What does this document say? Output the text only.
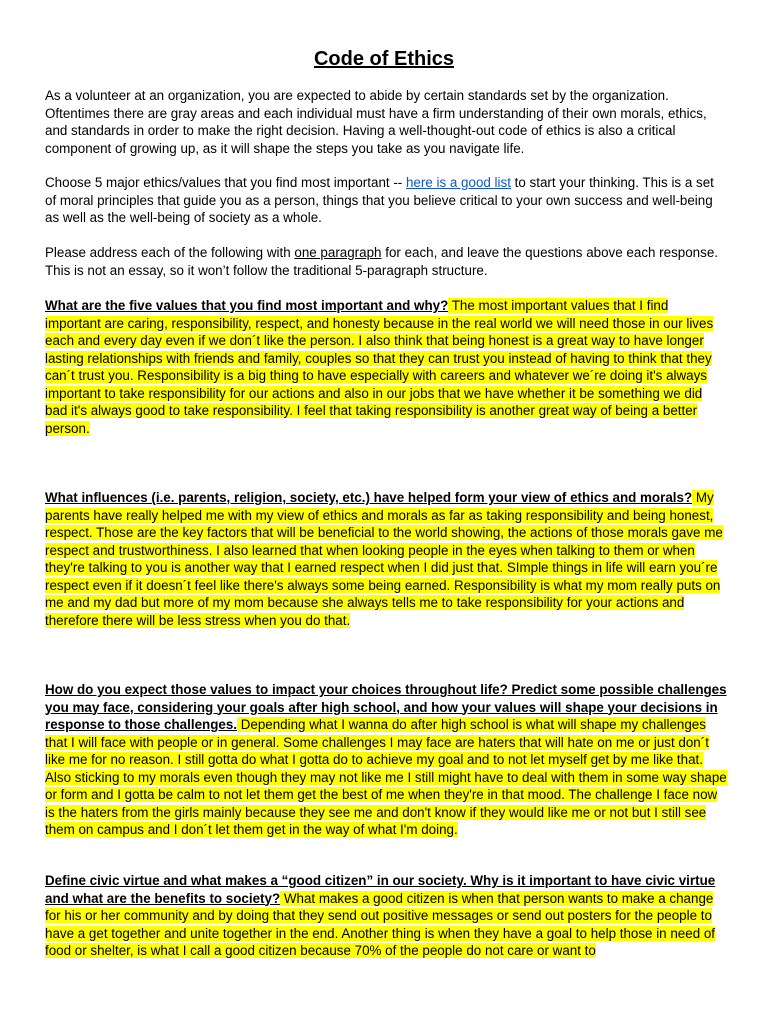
Code of Ethics
As a volunteer at an organization, you are expected to abide by certain standards set by the organization. Oftentimes there are gray areas and each individual must have a firm understanding of their own morals, ethics, and standards in order to make the right decision. Having a well-thought-out code of ethics is also a critical component of growing up, as it will shape the steps you take as you navigate life.
Choose 5 major ethics/values that you find most important -- here is a good list to start your thinking. This is a set of moral principles that guide you as a person, things that you believe critical to your own success and well-being as well as the well-being of society as a whole.
Please address each of the following with one paragraph for each, and leave the questions above each response. This is not an essay, so it won’t follow the traditional 5-paragraph structure.
What are the five values that you find most important and why? The most important values that I find important are caring, responsibility, respect, and honesty because in the real world we will need those in our lives each and every day even if we don´t like the person. I also think that being honest is a great way to have longer lasting relationships with friends and family, couples so that they can trust you instead of having to think that they can´t trust you. Responsibility is a big thing to have especially with careers and whatever we´re doing it's always important to take responsibility for our actions and also in our jobs that we have whether it be something we did bad it's always good to take responsibility. I feel that taking responsibility is another great way of being a better person.
What influences (i.e. parents, religion, society, etc.) have helped form your view of ethics and morals? My parents have really helped me with my view of ethics and morals as far as taking responsibility and being honest, respect. Those are the key factors that will be beneficial to the world showing, the actions of those morals gave me respect and trustworthiness. I also learned that when looking people in the eyes when talking to them or when they're talking to you is another way that I earned respect when I did just that. SImple things in life will earn you´re respect even if it doesn´t feel like there's always some being earned. Responsibility is what my mom really puts on me and my dad but more of my mom because she always tells me to take responsibility for your actions and therefore there will be less stress when you do that.
How do you expect those values to impact your choices throughout life? Predict some possible challenges you may face, considering your goals after high school, and how your values will shape your decisions in response to those challenges. Depending what I wanna do after high school is what will shape my challenges that I will face with people or in general. Some challenges I may face are haters that will hate on me or just don´t like me for no reason. I still gotta do what I gotta do to achieve my goal and to not let myself get by me like that. Also sticking to my morals even though they may not like me I still might have to deal with them in some way shape or form and I gotta be calm to not let them get the best of me when they're in that mood. The challenge I face now is the haters from the girls mainly because they see me and don't know if they would like me or not but I still see them on campus and I don´t let them get in the way of what I'm doing.
Define civic virtue and what makes a “good citizen” in our society. Why is it important to have civic virtue and what are the benefits to society? What makes a good citizen is when that person wants to make a change for his or her community and by doing that they send out positive messages or send out posters for the people to have a get together and unite together in the end. Another thing is when they have a goal to help those in need of food or shelter, is what I call a good citizen because 70% of the people do not care or want to
